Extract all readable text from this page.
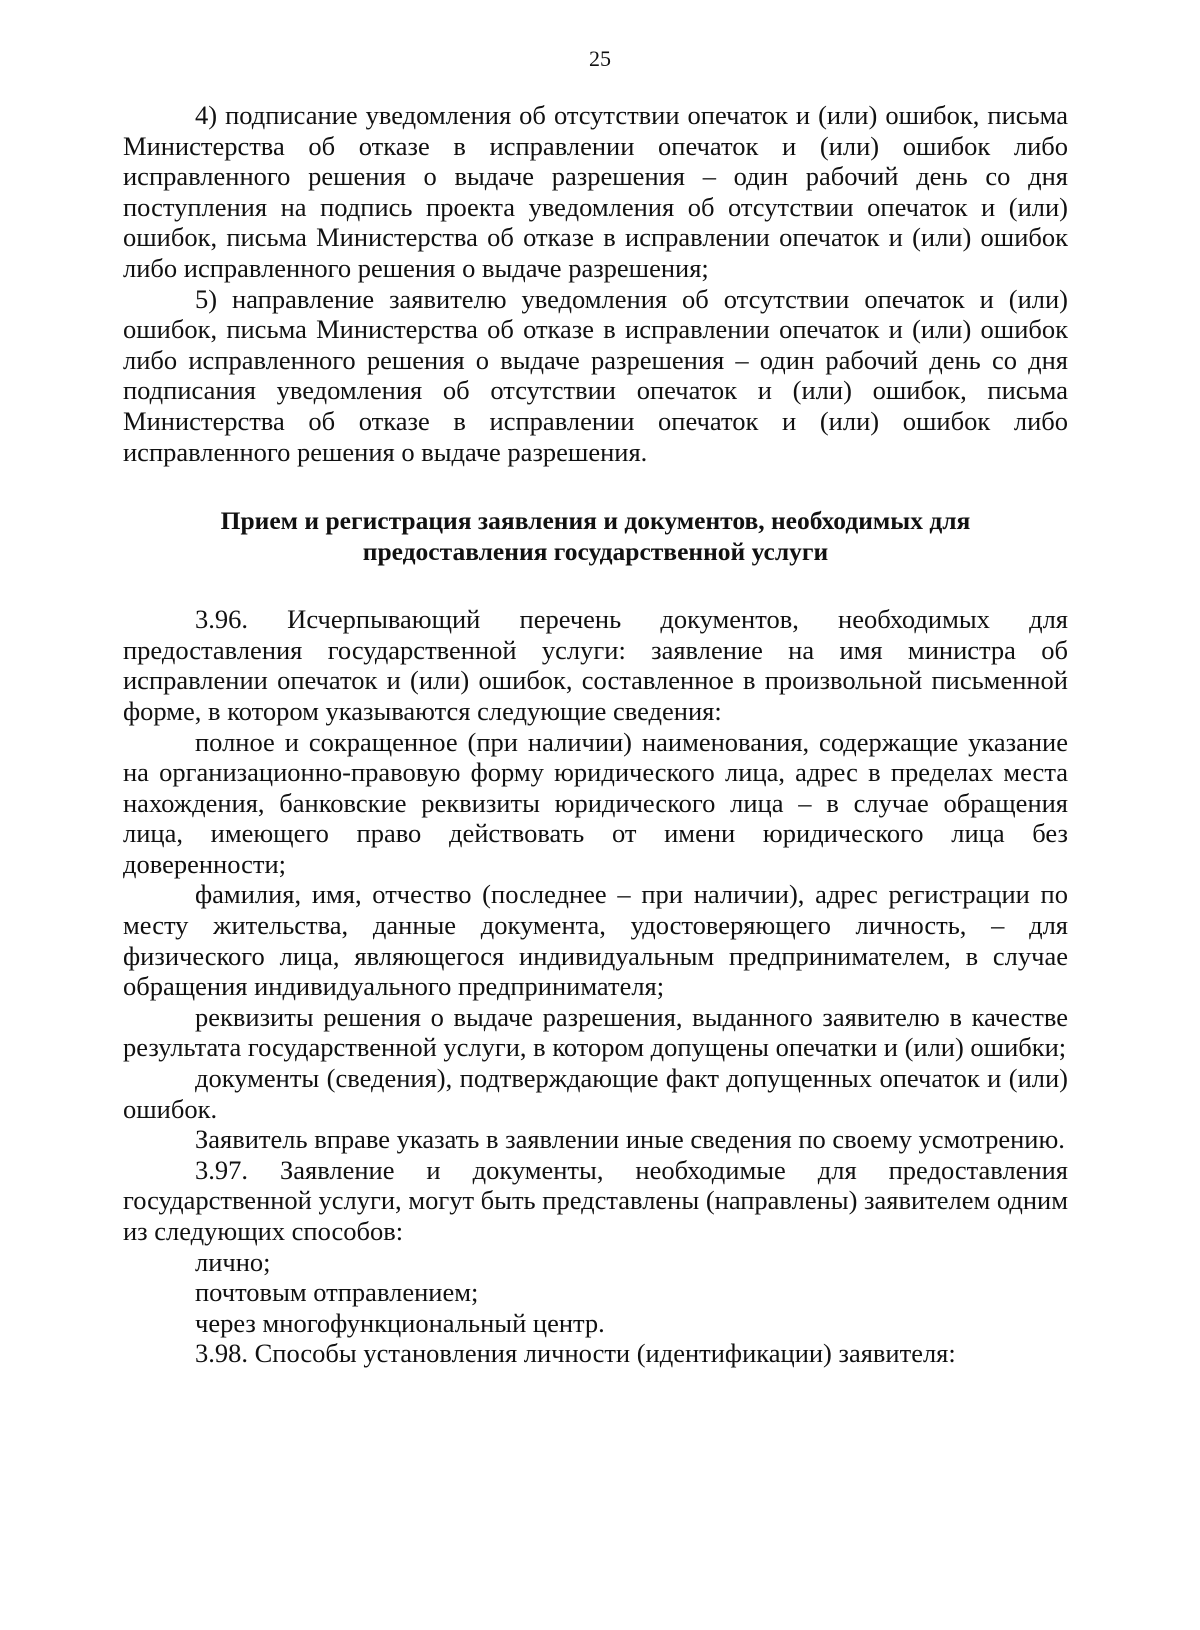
25

4) подписание уведомления об отсутствии опечаток и (или) ошибок, письма Министерства об отказе в исправлении опечаток и (или) ошибок либо исправленного решения о выдаче разрешения – один рабочий день со дня поступления на подпись проекта уведомления об отсутствии опечаток и (или) ошибок, письма Министерства об отказе в исправлении опечаток и (или) ошибок либо исправленного решения о выдаче разрешения;

5) направление заявителю уведомления об отсутствии опечаток и (или) ошибок, письма Министерства об отказе в исправлении опечаток и (или) ошибок либо исправленного решения о выдаче разрешения – один рабочий день со дня подписания уведомления об отсутствии опечаток и (или) ошибок, письма Министерства об отказе в исправлении опечаток и (или) ошибок либо исправленного решения о выдаче разрешения.

Прием и регистрация заявления и документов, необходимых для
предоставления государственной услуги

3.96. Исчерпывающий перечень документов, необходимых для предоставления государственной услуги: заявление на имя министра об исправлении опечаток и (или) ошибок, составленное в произвольной письменной форме, в котором указываются следующие сведения:

полное и сокращенное (при наличии) наименования, содержащие указание на организационно-правовую форму юридического лица, адрес в пределах места нахождения, банковские реквизиты юридического лица – в случае обращения лица, имеющего право действовать от имени юридического лица без доверенности;

фамилия, имя, отчество (последнее – при наличии), адрес регистрации по месту жительства, данные документа, удостоверяющего личность, – для физического лица, являющегося индивидуальным предпринимателем, в случае обращения индивидуального предпринимателя;

реквизиты решения о выдаче разрешения, выданного заявителю в качестве результата государственной услуги, в котором допущены опечатки и (или) ошибки;

документы (сведения), подтверждающие факт допущенных опечаток и (или) ошибок.

Заявитель вправе указать в заявлении иные сведения по своему усмотрению.

3.97. Заявление и документы, необходимые для предоставления государственной услуги, могут быть представлены (направлены) заявителем одним из следующих способов:

лично;

почтовым отправлением;

через многофункциональный центр.

3.98. Способы установления личности (идентификации) заявителя:
